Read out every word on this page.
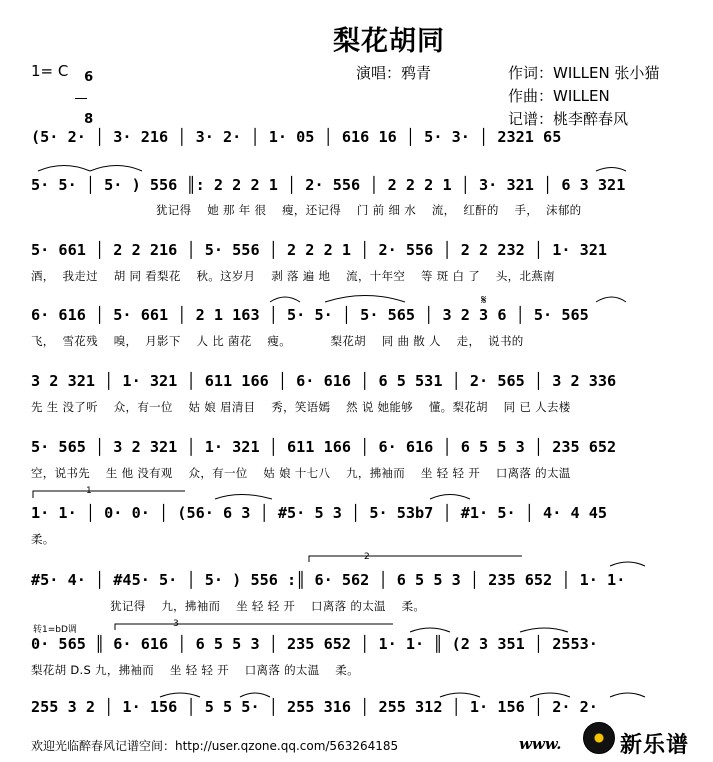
梨花胡同
1= C	6

8

演唱：鸦青	作词：WILLEN 张小猫
作曲：WILLEN
记谱：桃李醉春风
(5· 2· │ 3· 216 │ 3· 2· │ 1· 05 │ 616 16 │ 5· 3· │ 2321 65
5· 5· │ 5· ) 556 ║: 2 2 2 1 │ 2· 556 │ 2 2 2 1 │ 3· 321 │ 6 3 321
犹记得    她 那 年 很    瘦，还记得    门 前 细 水    流，  红酐的    手，  沫郁的
5· 661 │ 2 2 216 │ 5· 556 │ 2 2 2 1 │ 2· 556 │ 2 2 232 │ 1· 321
酒，  我走过    胡 同 看梨花    秋。这岁月    剥 落 遍 地    流，十年空    等 斑 白 了    头，北燕南
6· 616 │ 5· 661 │ 2 1 163 │ 5· 5· │ 5· 565 │ 3 2 3 6 │ 5· 565
飞，  雪花残    嗅，  月影下    人 比 菌花    瘦。          梨花胡    同 曲 散 人    走，  说书的
3 2 321 │ 1· 321 │ 611 166 │ 6· 616 │ 6 5 531 │ 2· 565 │ 3 2 336
先 生 没了听    众，有一位    姑 娘 眉清目    秀，笑语嫣    然 说 她能够    懂。梨花胡    同 已 人去楼
5· 565 │ 3 2 321 │ 1· 321 │ 611 166 │ 6· 616 │ 6 5 5 3 │ 235 652
空，说书先    生 他 没有观    众，有一位    姑 娘 十七八    九，拂袖而    坐 轻 轻 开    口离落 的太温
1· 1· │ 0· 0· │ (56· 6 3 │ #5· 5 3 │ 5· 53b7 │ #1· 5· │ 4· 4 45
柔。
#5· 4· │ #45· 5· │ 5· ) 556 :║ 6· 562 │ 6 5 5 3 │ 235 652 │ 1· 1·
犹记得    九，拂袖而    坐 轻 轻 开    口离落 的太温    柔。
0· 565 ║ 6· 616 │ 6 5 5 3 │ 235 652 │ 1· 1· ║ (2 3 351 │ 2553·
梨花胡 D.S 九，拂袖而    坐 轻 轻 开    口离落 的太温    柔。
255 3 2 │ 1· 156 │ 5 5 5· │ 255 316 │ 255 312 │ 1· 156 │ 2· 2·
1
2
3
转1=bD调
𝄋
欢迎光临醉春风记谱空间：http://user.qzone.qq.com/563264185	www.	新乐谱
